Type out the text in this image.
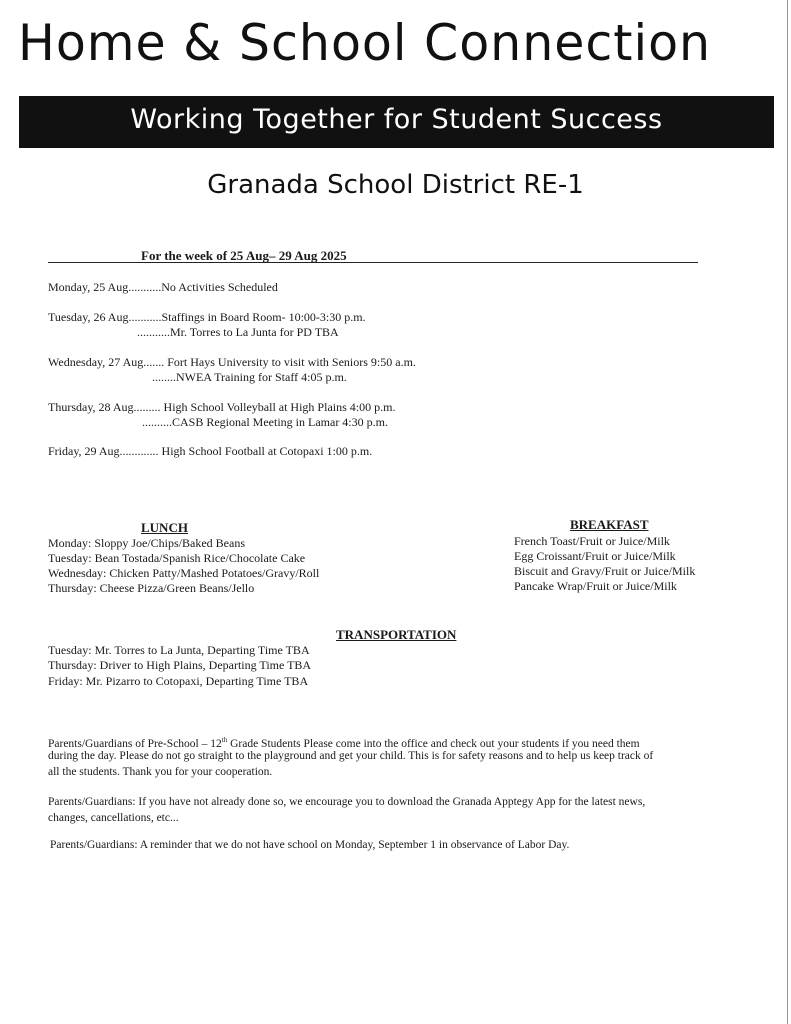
Home & School Connection
Working Together for Student Success
Granada School District RE-1
For the week of 25 Aug– 29 Aug 2025
Monday, 25 Aug...........No Activities Scheduled
Tuesday, 26 Aug...........Staffings in Board Room- 10:00-3:30 p.m.
...........Mr. Torres to La Junta for PD TBA
Wednesday, 27 Aug....... Fort Hays University to visit with Seniors 9:50 a.m.
........NWEA Training for Staff 4:05 p.m.
Thursday, 28 Aug......... High School Volleyball at High Plains 4:00 p.m.
..........CASB Regional Meeting in Lamar 4:30 p.m.
Friday, 29 Aug............. High School Football at Cotopaxi 1:00 p.m.
LUNCH
Monday: Sloppy Joe/Chips/Baked Beans
Tuesday: Bean Tostada/Spanish Rice/Chocolate Cake
Wednesday: Chicken Patty/Mashed Potatoes/Gravy/Roll
Thursday: Cheese Pizza/Green Beans/Jello
BREAKFAST
French Toast/Fruit or Juice/Milk
Egg Croissant/Fruit or Juice/Milk
Biscuit and Gravy/Fruit or Juice/Milk
Pancake Wrap/Fruit or Juice/Milk
TRANSPORTATION
Tuesday: Mr. Torres to La Junta, Departing Time TBA
Thursday: Driver to High Plains, Departing Time TBA
Friday: Mr. Pizarro to Cotopaxi, Departing Time TBA
Parents/Guardians of Pre-School – 12th Grade Students Please come into the office and check out your students if you need them
during the day. Please do not go straight to the playground and get your child. This is for safety reasons and to help us keep track of
all the students. Thank you for your cooperation.
Parents/Guardians: If you have not already done so, we encourage you to download the Granada Apptegy App for the latest news,
changes, cancellations, etc...
Parents/Guardians: A reminder that we do not have school on Monday, September 1 in observance of Labor Day.
